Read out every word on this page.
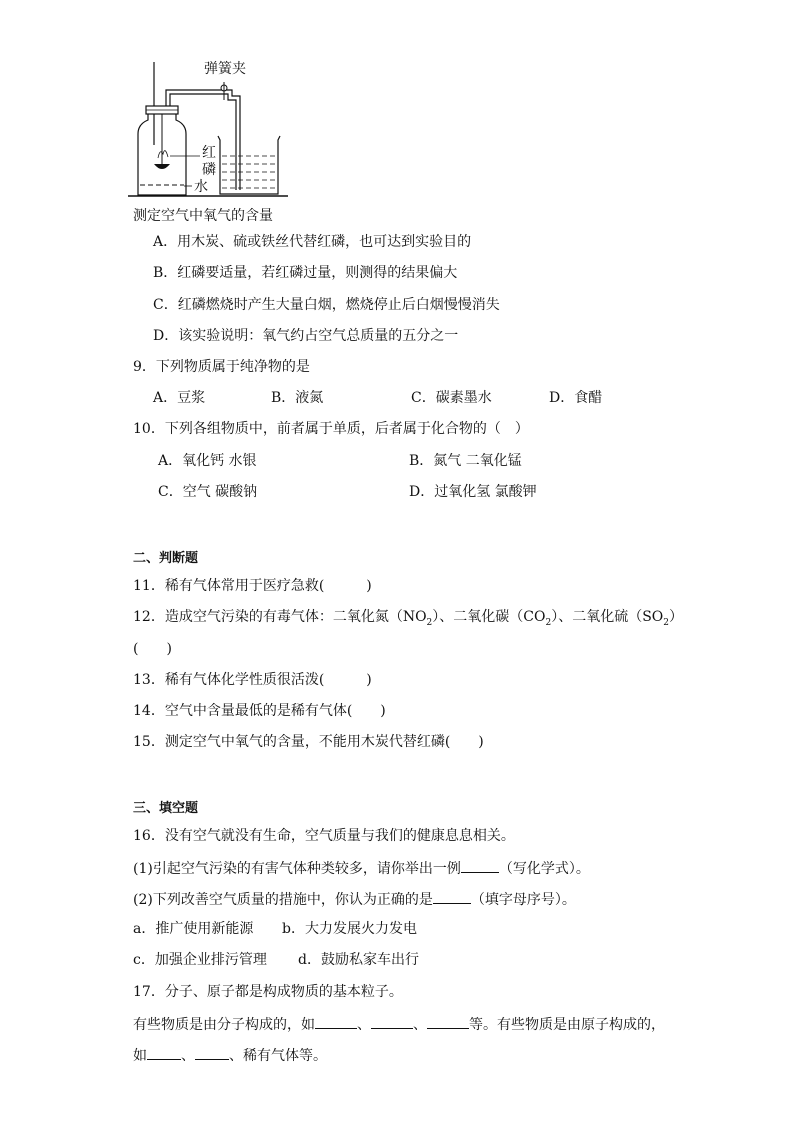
弹簧夹
红
磷
水
测定空气中氧气的含量
A．用木炭、硫或铁丝代替红磷，也可达到实验目的
B．红磷要适量，若红磷过量，则测得的结果偏大
C．红磷燃烧时产生大量白烟，燃烧停止后白烟慢慢消失
D．该实验说明：氧气约占空气总质量的五分之一
9．下列物质属于纯净物的是
A．豆浆	B．液氮	C．碳素墨水	D．食醋
10．下列各组物质中，前者属于单质，后者属于化合物的（　）
A．氧化钙 水银	B．氮气 二氧化锰
C．空气 碳酸钠	D．过氧化氢 氯酸钾
二、判断题
11．稀有气体常用于医疗急救(　　　)
12．造成空气污染的有毒气体：二氧化氮$(NO_2)$、二氧化碳$(CO_2)$、二氧化硫$(SO_2)$
(　　)
13．稀有气体化学性质很活泼(　　　)
14．空气中含量最低的是稀有气体(　　)
15．测定空气中氧气的含量，不能用木炭代替红磷(　　)
三、填空题
16．没有空气就没有生命，空气质量与我们的健康息息相关。
(1)引起空气污染的有害气体种类较多，请你举出一例	（写化学式）。
(2)下列改善空气质量的措施中，你认为正确的是	（填字母序号）。
a．推广使用新能源 b．大力发展火力发电
c．加强企业排污管理 d．鼓励私家车出行
17．分子、原子都是构成物质的基本粒子。
有些物质是由分子构成的，如	、	、	等。有些物质是由原子构成的，
如 、 、稀有气体等。
